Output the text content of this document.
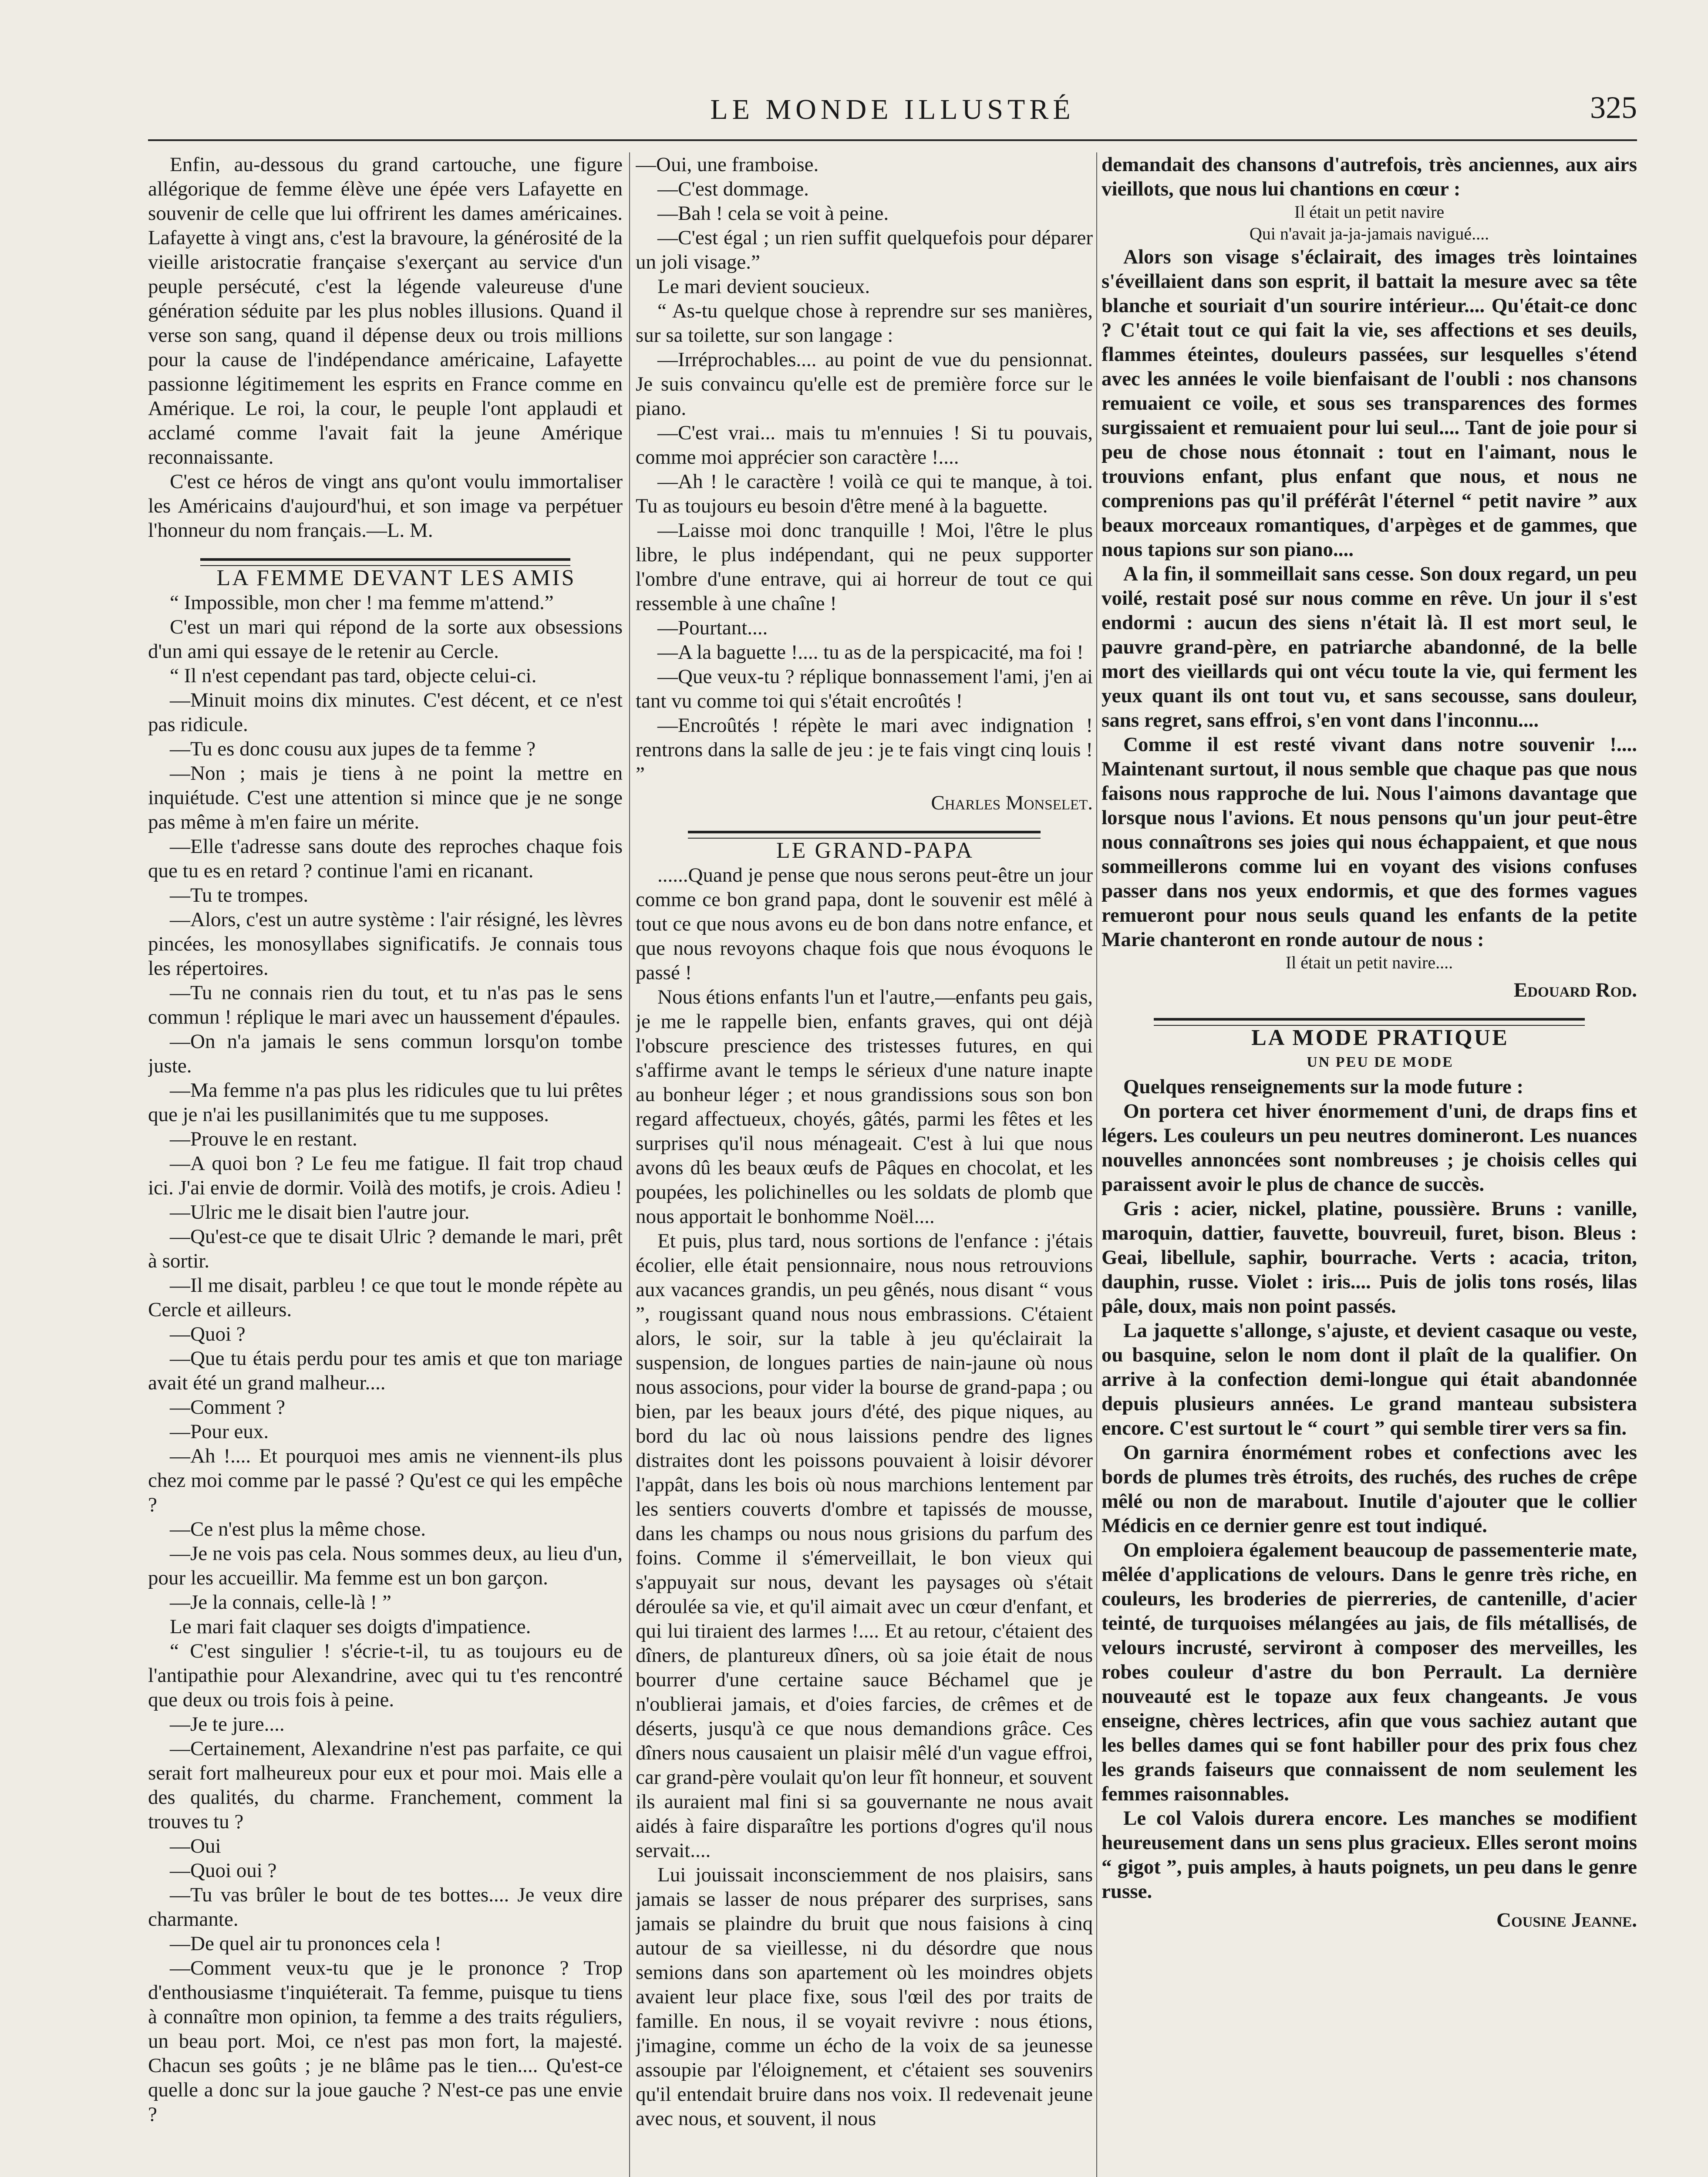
LE MONDE ILLUSTRÉ	325

Enfin, au-dessous du grand cartouche, une figure allégorique de femme élève une épée vers Lafayette en souvenir de celle que lui offrirent les dames américaines. Lafayette à vingt ans, c'est la bravoure, la générosité de la vieille aristocratie française s'exerçant au service d'un peuple persécuté, c'est la légende valeureuse d'une génération séduite par les plus nobles illusions. Quand il verse son sang, quand il dépense deux ou trois millions pour la cause de l'indépendance américaine, Lafayette passionne légitimement les esprits en France comme en Amérique. Le roi, la cour, le peuple l'ont applaudi et acclamé comme l'avait fait la jeune Amérique reconnaissante.

C'est ce héros de vingt ans qu'ont voulu immortaliser les Américains d'aujourd'hui, et son image va perpétuer l'honneur du nom français.—L. M.

LA FEMME DEVANT LES AMIS

“ Impossible, mon cher ! ma femme m'attend.”

C'est un mari qui répond de la sorte aux obsessions d'un ami qui essaye de le retenir au Cercle.

“ Il n'est cependant pas tard, objecte celui-ci.

—Minuit moins dix minutes. C'est décent, et ce n'est pas ridicule.

—Tu es donc cousu aux jupes de ta femme ?

—Non ; mais je tiens à ne point la mettre en inquiétude. C'est une attention si mince que je ne songe pas même à m'en faire un mérite.

—Elle t'adresse sans doute des reproches chaque fois que tu es en retard ? continue l'ami en ricanant.

—Tu te trompes.

—Alors, c'est un autre système : l'air résigné, les lèvres pincées, les monosyllabes significatifs. Je connais tous les répertoires.

—Tu ne connais rien du tout, et tu n'as pas le sens commun ! réplique le mari avec un haussement d'épaules.

—On n'a jamais le sens commun lorsqu'on tombe juste.

—Ma femme n'a pas plus les ridicules que tu lui prêtes que je n'ai les pusillanimités que tu me supposes.

—Prouve le en restant.

—A quoi bon ? Le feu me fatigue. Il fait trop chaud ici. J'ai envie de dormir. Voilà des motifs, je crois. Adieu !

—Ulric me le disait bien l'autre jour.

—Qu'est-ce que te disait Ulric ? demande le mari, prêt à sortir.

—Il me disait, parbleu ! ce que tout le monde répète au Cercle et ailleurs.

—Quoi ?

—Que tu étais perdu pour tes amis et que ton mariage avait été un grand malheur....

—Comment ?

—Pour eux.

—Ah !.... Et pourquoi mes amis ne viennent-ils plus chez moi comme par le passé ? Qu'est ce qui les empêche ?

—Ce n'est plus la même chose.

—Je ne vois pas cela. Nous sommes deux, au lieu d'un, pour les accueillir. Ma femme est un bon garçon.

—Je la connais, celle-là ! ”

Le mari fait claquer ses doigts d'impatience.

“ C'est singulier ! s'écrie-t-il, tu as toujours eu de l'antipathie pour Alexandrine, avec qui tu t'es rencontré que deux ou trois fois à peine.

—Je te jure....

—Certainement, Alexandrine n'est pas parfaite, ce qui serait fort malheureux pour eux et pour moi. Mais elle a des qualités, du charme. Franchement, comment la trouves tu ?

—Oui

—Quoi oui ?

—Tu vas brûler le bout de tes bottes.... Je veux dire charmante.

—De quel air tu prononces cela !

—Comment veux-tu que je le prononce ? Trop d'enthousiasme t'inquiéterait. Ta femme, puisque tu tiens à connaître mon opinion, ta femme a des traits réguliers, un beau port. Moi, ce n'est pas mon fort, la majesté. Chacun ses goûts ; je ne blâme pas le tien.... Qu'est-ce quelle a donc sur la joue gauche ? N'est-ce pas une envie ?

—Oui, une framboise.

—C'est dommage.

—Bah ! cela se voit à peine.

—C'est égal ; un rien suffit quelquefois pour déparer un joli visage.”

Le mari devient soucieux.

“ As-tu quelque chose à reprendre sur ses manières, sur sa toilette, sur son langage :

—Irréprochables.... au point de vue du pensionnat. Je suis convaincu qu'elle est de première force sur le piano.

—C'est vrai... mais tu m'ennuies ! Si tu pouvais, comme moi apprécier son caractère !....

—Ah ! le caractère ! voilà ce qui te manque, à toi. Tu as toujours eu besoin d'être mené à la baguette.

—Laisse moi donc tranquille ! Moi, l'être le plus libre, le plus indépendant, qui ne peux supporter l'ombre d'une entrave, qui ai horreur de tout ce qui ressemble à une chaîne !

—Pourtant....

—A la baguette !.... tu as de la perspicacité, ma foi !

—Que veux-tu ? réplique bonnassement l'ami, j'en ai tant vu comme toi qui s'était encroûtés !

—Encroûtés ! répète le mari avec indignation ! rentrons dans la salle de jeu : je te fais vingt cinq louis ! ”

Charles Monselet.

LE GRAND-PAPA

......Quand je pense que nous serons peut-être un jour comme ce bon grand papa, dont le souvenir est mêlé à tout ce que nous avons eu de bon dans notre enfance, et que nous revoyons chaque fois que nous évoquons le passé !

Nous étions enfants l'un et l'autre,—enfants peu gais, je me le rappelle bien, enfants graves, qui ont déjà l'obscure prescience des tristesses futures, en qui s'affirme avant le temps le sérieux d'une nature inapte au bonheur léger ; et nous grandissions sous son bon regard affectueux, choyés, gâtés, parmi les fêtes et les surprises qu'il nous ménageait. C'est à lui que nous avons dû les beaux œufs de Pâques en chocolat, et les poupées, les polichinelles ou les soldats de plomb que nous apportait le bonhomme Noël....

Et puis, plus tard, nous sortions de l'enfance : j'étais écolier, elle était pensionnaire, nous nous retrouvions aux vacances grandis, un peu gênés, nous disant “ vous ”, rougissant quand nous nous embrassions. C'étaient alors, le soir, sur la table à jeu qu'éclairait la suspension, de longues parties de nain-jaune où nous nous associons, pour vider la bourse de grand-papa ; ou bien, par les beaux jours d'été, des pique niques, au bord du lac où nous laissions pendre des lignes distraites dont les poissons pouvaient à loisir dévorer l'appât, dans les bois où nous marchions lentement par les sentiers couverts d'ombre et tapissés de mousse, dans les champs ou nous nous grisions du parfum des foins. Comme il s'émerveillait, le bon vieux qui s'appuyait sur nous, devant les paysages où s'était déroulée sa vie, et qu'il aimait avec un cœur d'enfant, et qui lui tiraient des larmes !.... Et au retour, c'étaient des dîners, de plantureux dîners, où sa joie était de nous bourrer d'une certaine sauce Béchamel que je n'oublierai jamais, et d'oies farcies, de crêmes et de déserts, jusqu'à ce que nous demandions grâce. Ces dîners nous causaient un plaisir mêlé d'un vague effroi, car grand-père voulait qu'on leur fît honneur, et souvent ils auraient mal fini si sa gouvernante ne nous avait aidés à faire disparaître les portions d'ogres qu'il nous servait....

Lui jouissait inconsciemment de nos plaisirs, sans jamais se lasser de nous préparer des surprises, sans jamais se plaindre du bruit que nous faisions à cinq autour de sa vieillesse, ni du désordre que nous semions dans son apartement où les moindres objets avaient leur place fixe, sous l'œil des por traits de famille. En nous, il se voyait revivre : nous étions, j'imagine, comme un écho de la voix de sa jeunesse assoupie par l'éloignement, et c'étaient ses souvenirs qu'il entendait bruire dans nos voix. Il redevenait jeune avec nous, et souvent, il nous

demandait des chansons d'autrefois, très anciennes, aux airs vieillots, que nous lui chantions en cœur :

Il était un petit navire

Qui n'avait ja-ja-jamais navigué....

Alors son visage s'éclairait, des images très lointaines s'éveillaient dans son esprit, il battait la mesure avec sa tête blanche et souriait d'un sourire intérieur.... Qu'était-ce donc ? C'était tout ce qui fait la vie, ses affections et ses deuils, flammes éteintes, douleurs passées, sur lesquelles s'étend avec les années le voile bienfaisant de l'oubli : nos chansons remuaient ce voile, et sous ses transparences des formes surgissaient et remuaient pour lui seul.... Tant de joie pour si peu de chose nous étonnait : tout en l'aimant, nous le trouvions enfant, plus enfant que nous, et nous ne comprenions pas qu'il préférât l'éternel “ petit navire ” aux beaux morceaux romantiques, d'arpèges et de gammes, que nous tapions sur son piano....

A la fin, il sommeillait sans cesse. Son doux regard, un peu voilé, restait posé sur nous comme en rêve. Un jour il s'est endormi : aucun des siens n'était là. Il est mort seul, le pauvre grand-père, en patriarche abandonné, de la belle mort des vieillards qui ont vécu toute la vie, qui ferment les yeux quant ils ont tout vu, et sans secousse, sans douleur, sans regret, sans effroi, s'en vont dans l'inconnu....

Comme il est resté vivant dans notre souvenir !.... Maintenant surtout, il nous semble que chaque pas que nous faisons nous rapproche de lui. Nous l'aimons davantage que lorsque nous l'avions. Et nous pensons qu'un jour peut-être nous connaîtrons ses joies qui nous échappaient, et que nous sommeillerons comme lui en voyant des visions confuses passer dans nos yeux endormis, et que des formes vagues remueront pour nous seuls quand les enfants de la petite Marie chanteront en ronde autour de nous :

Il était un petit navire....

Edouard Rod.

LA MODE PRATIQUE

UN PEU DE MODE

Quelques renseignements sur la mode future :

On portera cet hiver énormement d'uni, de draps fins et légers. Les couleurs un peu neutres domineront. Les nuances nouvelles annoncées sont nombreuses ; je choisis celles qui paraissent avoir le plus de chance de succès.

Gris : acier, nickel, platine, poussière. Bruns : vanille, maroquin, dattier, fauvette, bouvreuil, furet, bison. Bleus : Geai, libellule, saphir, bourrache. Verts : acacia, triton, dauphin, russe. Violet : iris.... Puis de jolis tons rosés, lilas pâle, doux, mais non point passés.

La jaquette s'allonge, s'ajuste, et devient casaque ou veste, ou basquine, selon le nom dont il plaît de la qualifier. On arrive à la confection demi-longue qui était abandonnée depuis plusieurs années. Le grand manteau subsistera encore. C'est surtout le “ court ” qui semble tirer vers sa fin.

On garnira énormément robes et confections avec les bords de plumes très étroits, des ruchés, des ruches de crêpe mêlé ou non de marabout. Inutile d'ajouter que le collier Médicis en ce dernier genre est tout indiqué.

On emploiera également beaucoup de passementerie mate, mêlée d'applications de velours. Dans le genre très riche, en couleurs, les broderies de pierreries, de cantenille, d'acier teinté, de turquoises mélangées au jais, de fils métallisés, de velours incrusté, serviront à composer des merveilles, les robes couleur d'astre du bon Perrault. La dernière nouveauté est le topaze aux feux changeants. Je vous enseigne, chères lectrices, afin que vous sachiez autant que les belles dames qui se font habiller pour des prix fous chez les grands faiseurs que connaissent de nom seulement les femmes raisonnables.

Le col Valois durera encore. Les manches se modifient heureusement dans un sens plus gracieux. Elles seront moins “ gigot ”, puis amples, à hauts poignets, un peu dans le genre russe.

Cousine Jeanne.
